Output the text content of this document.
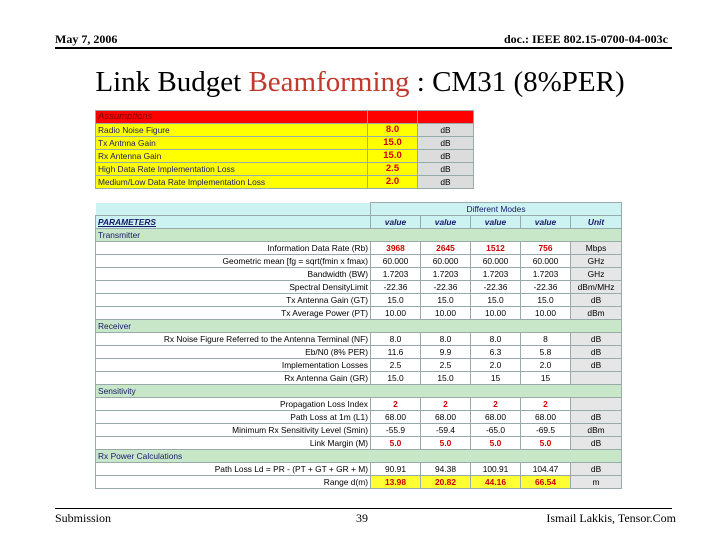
May 7, 2006	doc.: IEEE 802.15-0700-04-003c
Link Budget Beamforming : CM31 (8%PER)
Assumptions		
Radio Noise Figure	8.0	dB
Tx Antnna Gain	15.0	dB
Rx Antenna Gain	15.0	dB
High Data Rate Implementation Loss	2.5	dB
Medium/Low Data Rate Implementation Loss	2.0	dB
	Different Modes				
PARAMETERS	value	value	value	value	Unit
Transmitter					
Information Data Rate (Rb)	3968	2645	1512	756	Mbps
Geometric mean [fg = sqrt(fmin x fmax)	60.000	60.000	60.000	60.000	GHz
Bandwidth (BW)	1.7203	1.7203	1.7203	1.7203	GHz
Spectral DensityLimit	-22.36	-22.36	-22.36	-22.36	dBm/MHz
Tx Antenna Gain (GT)	15.0	15.0	15.0	15.0	dB
Tx Average Power (PT)	10.00	10.00	10.00	10.00	dBm
Receiver					
Rx Noise Figure Referred to the Antenna Terminal (NF)	8.0	8.0	8.0	8	dB
Eb/N0 (8% PER)	11.6	9.9	6.3	5.8	dB
Implementation Losses	2.5	2.5	2.0	2.0	dB
Rx Antenna Gain (GR)	15.0	15.0	15	15	
Sensitivity					
Propagation Loss Index	2	2	2	2	
Path Loss at 1m (L1)	68.00	68.00	68.00	68.00	dB
Minimum Rx Sensitivity Level (Smin)	-55.9	-59.4	-65.0	-69.5	dBm
Link Margin (M)	5.0	5.0	5.0	5.0	dB
Rx Power Calculations					
Path Loss Ld = PR - (PT + GT + GR + M)	90.91	94.38	100.91	104.47	dB
Range d(m)	13.98	20.82	44.16	66.54	m
Submission	39	Ismail Lakkis, Tensor.Com
